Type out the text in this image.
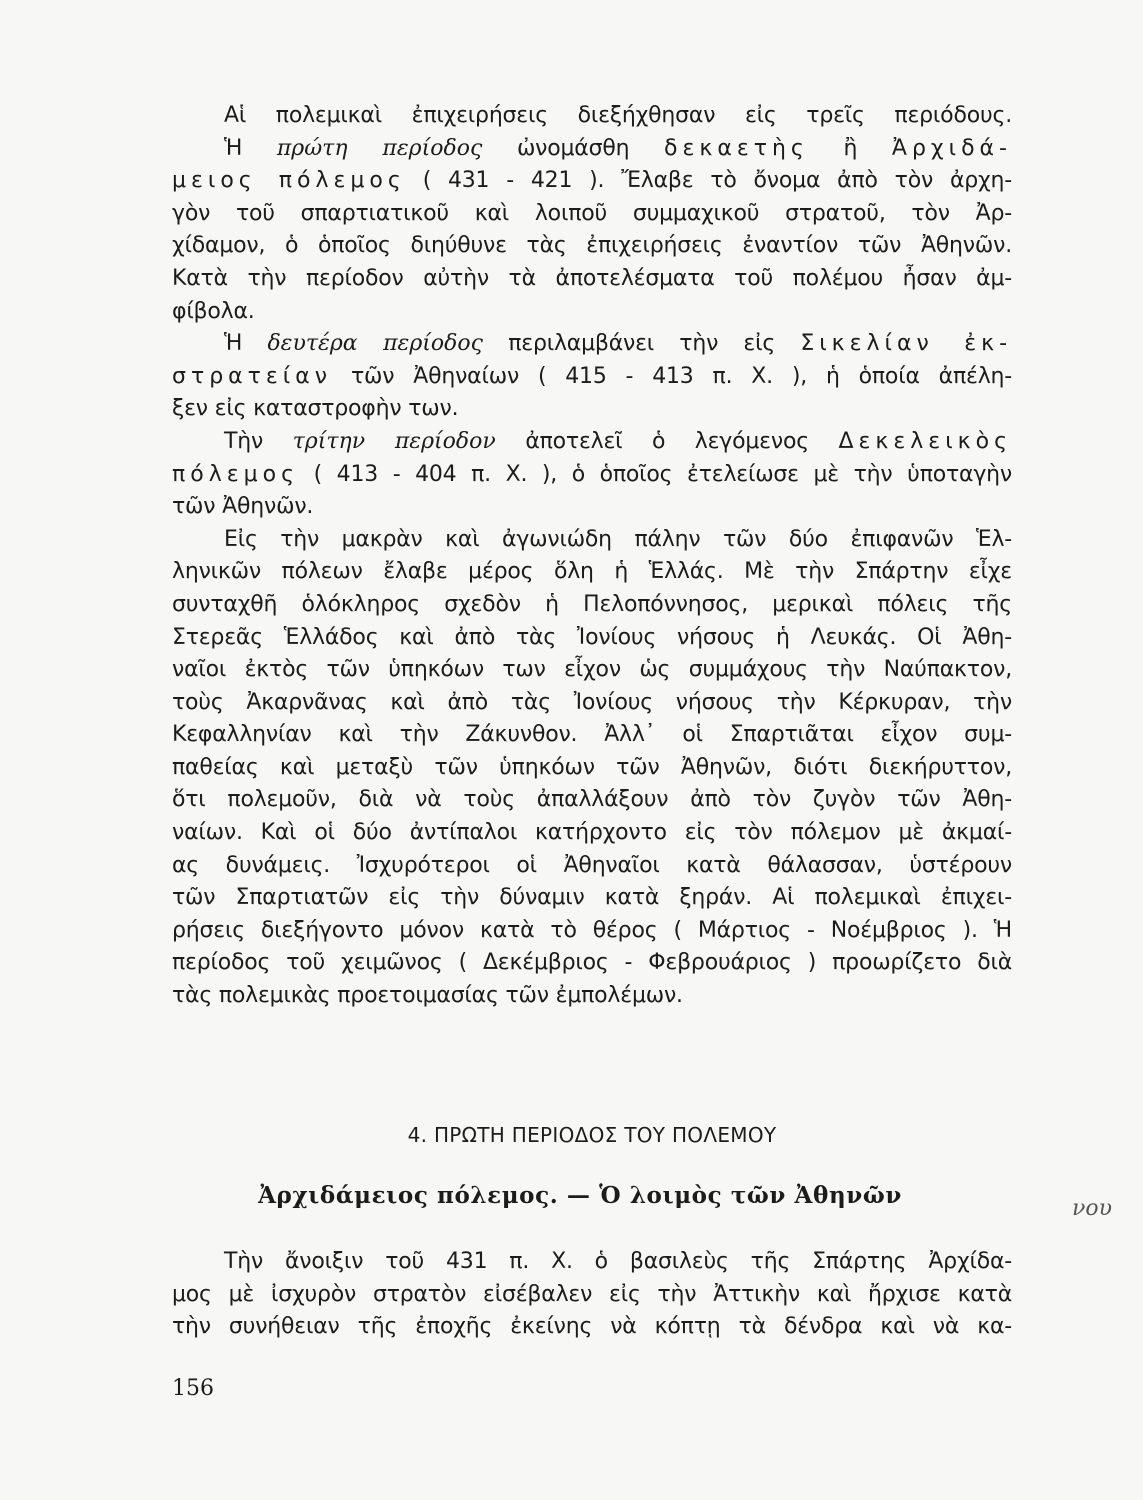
Αἱ πολεμικαὶ ἐπιχειρήσεις διεξήχθησαν εἰς τρεῖς περιόδους.
Ἡ πρώτη περίοδος ὠνομάσθη δεκαετὴς ἢ Ἀρχιδά-
μειος πόλεμος ( 431 - 421 ). Ἔλαβε τὸ ὄνομα ἀπὸ τὸν ἀρχη-
γὸν τοῦ σπαρτιατικοῦ καὶ λοιποῦ συμμαχικοῦ στρατοῦ, τὸν Ἀρ-
χίδαμον, ὁ ὁποῖος διηύθυνε τὰς ἐπιχειρήσεις ἐναντίον τῶν Ἀθηνῶν.
Κατὰ τὴν περίοδον αὐτὴν τὰ ἀποτελέσματα τοῦ πολέμου ἦσαν ἀμ-
φίβολα.
Ἡ δευτέρα περίοδος περιλαμβάνει τὴν εἰς Σικελίαν ἐκ-
στρατείαν τῶν Ἀθηναίων ( 415 - 413 π. Χ. ), ἡ ὁποία ἀπέλη-
ξεν εἰς καταστροφὴν των.
Τὴν τρίτην περίοδον ἀποτελεῖ ὁ λεγόμενος Δεκελεικὸς
πόλεμος ( 413 - 404 π. Χ. ), ὁ ὁποῖος ἐτελείωσε μὲ τὴν ὑποταγὴν
τῶν Ἀθηνῶν.
Εἰς τὴν μακρὰν καὶ ἀγωνιώδη πάλην τῶν δύο ἐπιφανῶν Ἑλ-
ληνικῶν πόλεων ἔλαβε μέρος ὅλη ἡ Ἑλλάς. Μὲ τὴν Σπάρτην εἶχε
συνταχθῆ ὁλόκληρος σχεδὸν ἡ Πελοπόννησος, μερικαὶ πόλεις τῆς
Στερεᾶς Ἑλλάδος καὶ ἀπὸ τὰς Ἰονίους νήσους ἡ Λευκάς. Οἱ Ἀθη-
ναῖοι ἐκτὸς τῶν ὑπηκόων των εἶχον ὡς συμμάχους τὴν Ναύπακτον,
τοὺς Ἀκαρνᾶνας καὶ ἀπὸ τὰς Ἰονίους νήσους τὴν Κέρκυραν, τὴν
Κεφαλληνίαν καὶ τὴν Ζάκυνθον. Ἀλλ᾽ οἱ Σπαρτιᾶται εἶχον συμ-
παθείας καὶ μεταξὺ τῶν ὑπηκόων τῶν Ἀθηνῶν, διότι διεκήρυττον,
ὅτι πολεμοῦν, διὰ νὰ τοὺς ἀπαλλάξουν ἀπὸ τὸν ζυγὸν τῶν Ἀθη-
ναίων. Καὶ οἱ δύο ἀντίπαλοι κατήρχοντο εἰς τὸν πόλεμον μὲ ἀκμαί-
ας δυνάμεις. Ἰσχυρότεροι οἱ Ἀθηναῖοι κατὰ θάλασσαν, ὑστέρουν
τῶν Σπαρτιατῶν εἰς τὴν δύναμιν κατὰ ξηράν. Αἱ πολεμικαὶ ἐπιχει-
ρήσεις διεξήγοντο μόνον κατὰ τὸ θέρος ( Μάρτιος - Νοέμβριος ). Ἡ
περίοδος τοῦ χειμῶνος ( Δεκέμβριος - Φεβρουάριος ) προωρίζετο διὰ
τὰς πολεμικὰς προετοιμασίας τῶν ἐμπολέμων.
4. ΠΡΩΤΗ ΠΕΡΙΟΔΟΣ ΤΟΥ ΠΟΛΕΜΟΥ
Ἀρχιδάμειος πόλεμος. — Ὁ λοιμὸς τῶν Ἀθηνῶν	νου
Τὴν ἄνοιξιν τοῦ 431 π. Χ. ὁ βασιλεὺς τῆς Σπάρτης Ἀρχίδα-
μος μὲ ἰσχυρὸν στρατὸν εἰσέβαλεν εἰς τὴν Ἀττικὴν καὶ ἤρχισε κατὰ
τὴν συνήθειαν τῆς ἐποχῆς ἐκείνης νὰ κόπτῃ τὰ δένδρα καὶ νὰ κα-
156
